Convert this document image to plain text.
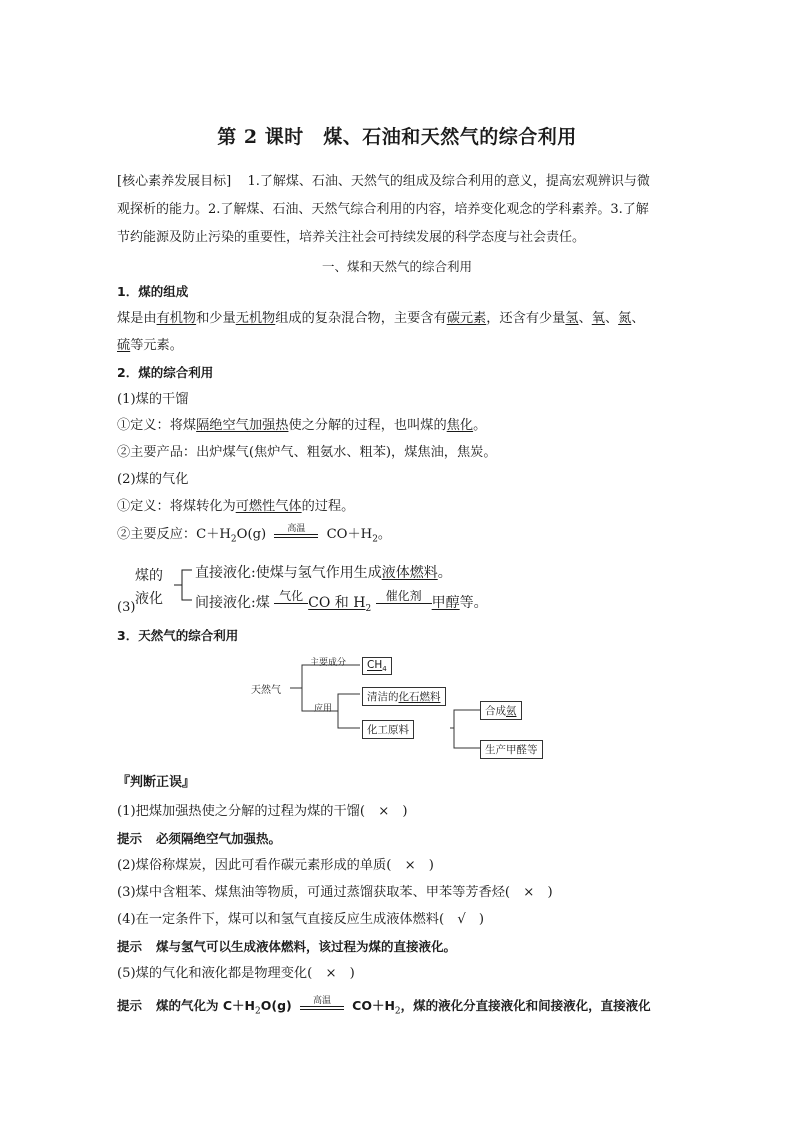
第 2 课时　煤、石油和天然气的综合利用
[核心素养发展目标] 1.了解煤、石油、天然气的组成及综合利用的意义，提高宏观辨识与微
观探析的能力。2.了解煤、石油、天然气综合利用的内容，培养变化观念的学科素养。3.了解
节约能源及防止污染的重要性，培养关注社会可持续发展的科学态度与社会责任。
一、煤和天然气的综合利用
1．煤的组成
煤是由有机物和少量无机物组成的复杂混合物，主要含有碳元素，还含有少量氢、氧、氮、
硫等元素。
2．煤的综合利用
(1)煤的干馏
①定义：将煤隔绝空气加强热使之分解的过程，也叫煤的焦化。
②主要产品：出炉煤气(焦炉气、粗氨水、粗苯)，煤焦油，焦炭。
(2)煤的气化
①定义：将煤转化为可燃性气体的过程。
②主要反应：$C+H_2O(g)$	高温	$CO+H_2$。
(3)
煤的
液化
直接液化:使煤与氢气作用生成液体燃料。
间接液化:煤 气化 CO 和 $H_2$
催化剂 甲醇等。
3．天然气的综合利用
天然气
主要成分
应用
$CH_4$
清洁的化石燃料
化工原料
合成氨
生产甲醛等
『判断正误』
(1)把煤加强热使之分解的过程为煤的干馏(　×　)
提示 必须隔绝空气加强热。
(2)煤俗称煤炭，因此可看作碳元素形成的单质(　×　)
(3)煤中含粗苯、煤焦油等物质，可通过蒸馏获取苯、甲苯等芳香烃(　×　)
(4)在一定条件下，煤可以和氢气直接反应生成液体燃料(　√　)
提示 煤与氢气可以生成液体燃料，该过程为煤的直接液化。
(5)煤的气化和液化都是物理变化(　×　)
提示 煤的气化为 $C+H_2O(g)$	高温	$CO+H_2$，煤的液化分直接液化和间接液化，直接液化
